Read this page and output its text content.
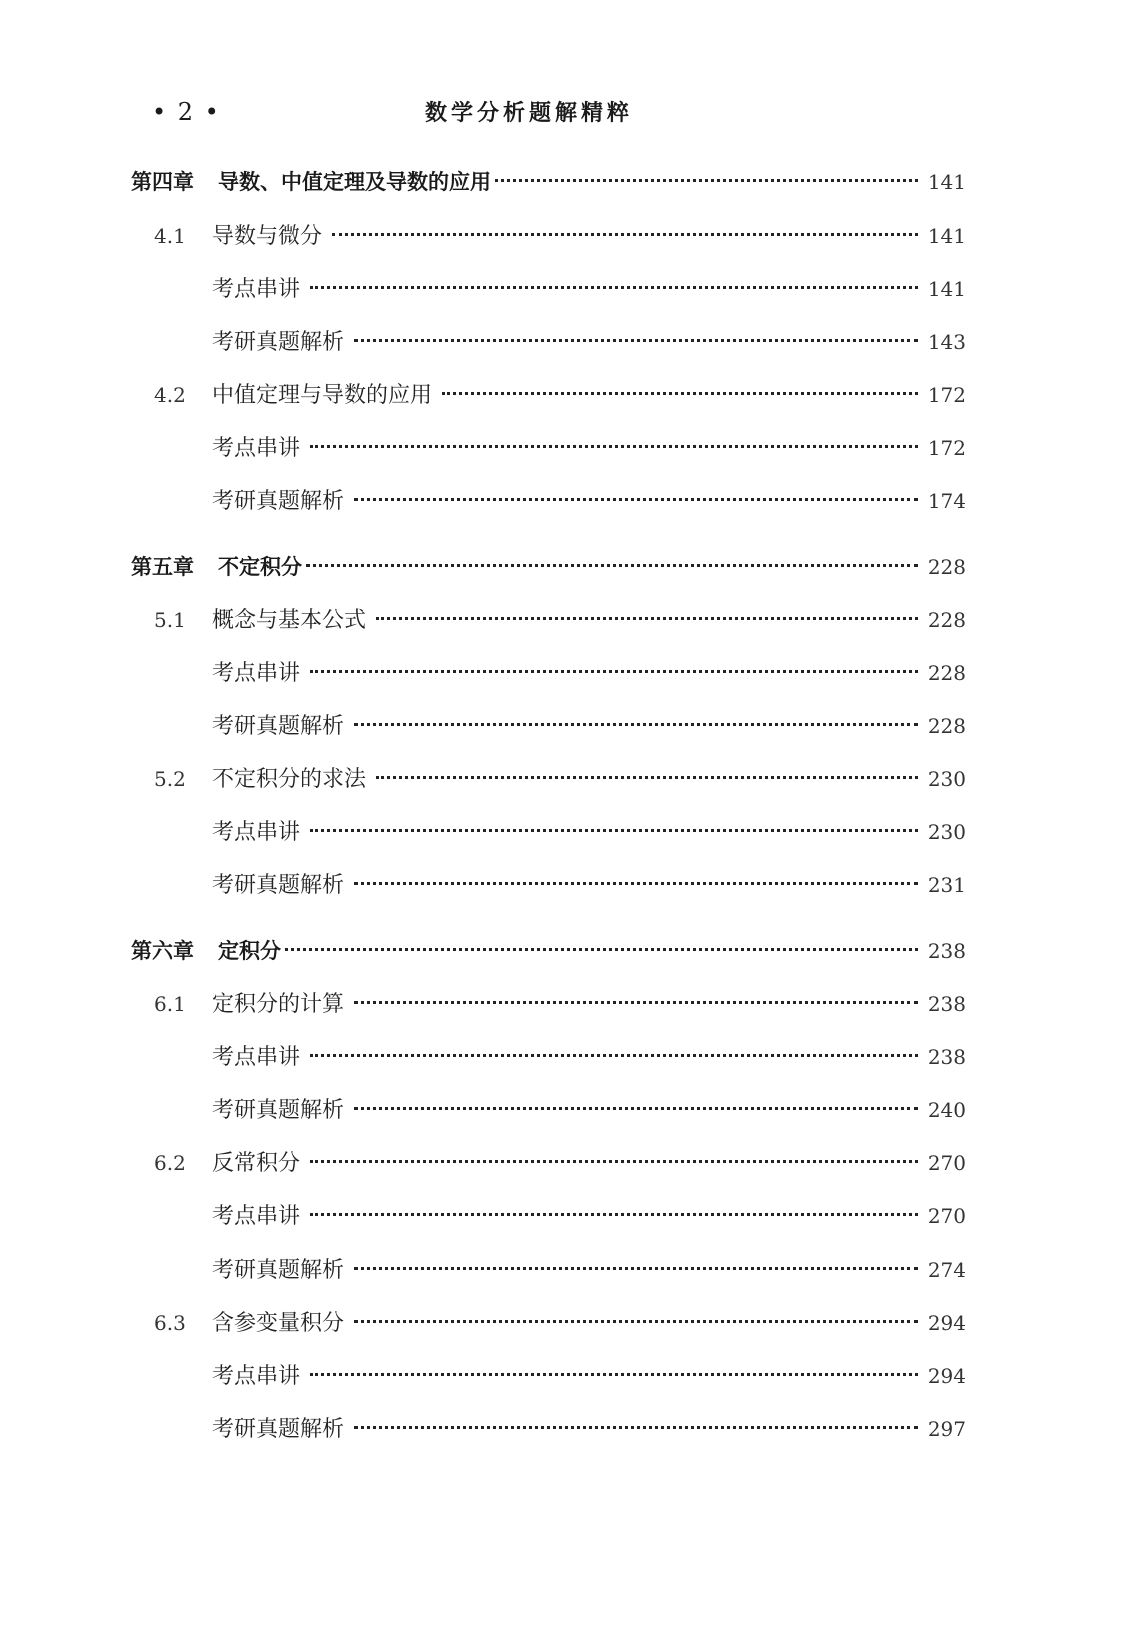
• 2 •	数学分析题解精粹
第四章 导数、中值定理及导数的应用	141
4.1	导数与微分	141
考点串讲	141
考研真题解析	143
4.2	中值定理与导数的应用	172
考点串讲	172
考研真题解析	174
第五章 不定积分	228
5.1	概念与基本公式	228
考点串讲	228
考研真题解析	228
5.2	不定积分的求法	230
考点串讲	230
考研真题解析	231
第六章 定积分	238
6.1	定积分的计算	238
考点串讲	238
考研真题解析	240
6.2	反常积分	270
考点串讲	270
考研真题解析	274
6.3	含参变量积分	294
考点串讲	294
考研真题解析	297
